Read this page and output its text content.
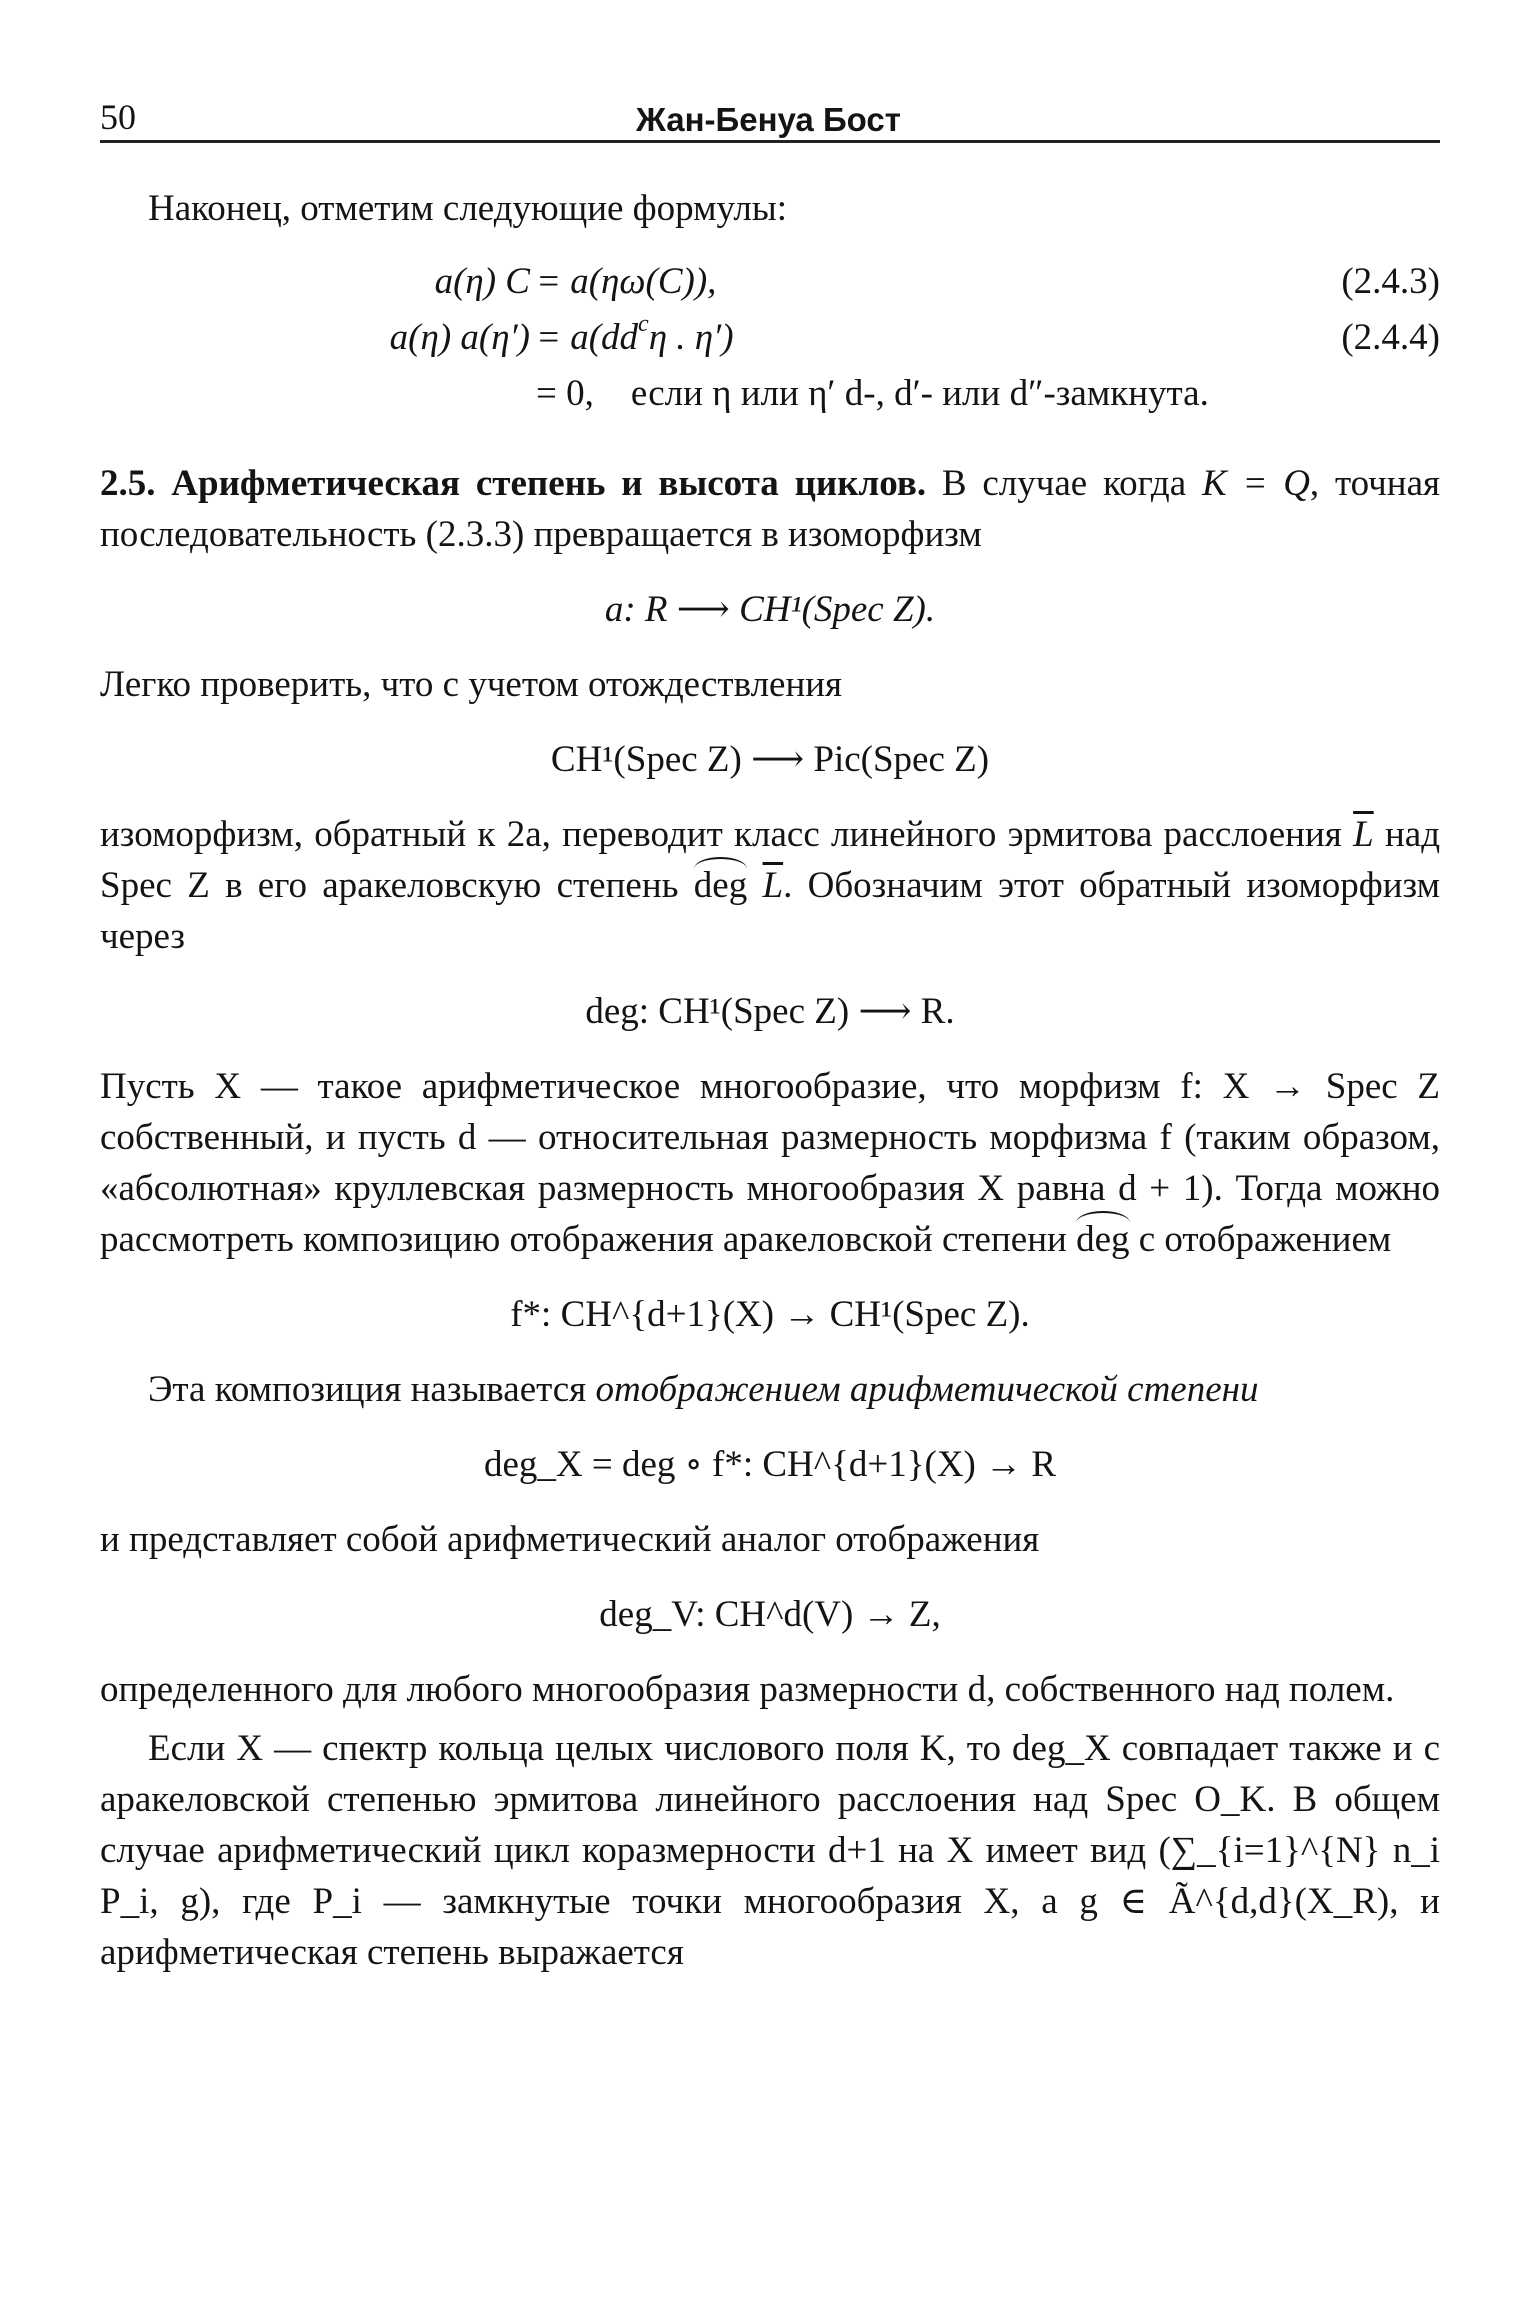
50	Жан-Бенуа Бост

Наконец, отметим следующие формулы:

a(η) C = a(ηω(C)),	(2.4.3)
a(η) $a(\eta') = a(dd^c\eta$ . η′)	(2.4.4)
= 0, если η или η′ d-, d′- или d″-замкнута.

2.5. Арифметическая степень и высота циклов. В случае когда K = Q, точная последовательность (2.3.3) превращается в изоморфизм

a: R ⟶ CH¹(Spec Z).

Легко проверить, что с учетом отождествления

CH¹(Spec Z) ⟶ Pic(Spec Z)

изоморфизм, обратный к 2a, переводит класс линейного эрмитова расслоения $\overline{L}$ над Spec Z в его аракеловскую степень deg $\overline{L}$. Обозначим этот обратный изоморфизм через

deg: CH¹(Spec Z) ⟶ R.

Пусть X — такое арифметическое многообразие, что морфизм f: X → Spec Z собственный, и пусть d — относительная размерность морфизма f (таким образом, «абсолютная» круллевская размерность многообразия X равна d + 1). Тогда можно рассмотреть композицию отображения аракеловской степени deg с отображением

f*: CH^{d+1}(X) → CH¹(Spec Z).

Эта композиция называется отображением арифметической степени

deg_X = deg ∘ f*: CH^{d+1}(X) → R

и представляет собой арифметический аналог отображения

deg_V: CH^d(V) → Z,

определенного для любого многообразия размерности d, собственного над полем.

Если X — спектр кольца целых числового поля K, то deg_X совпадает также и с аракеловской степенью эрмитова линейного расслоения над Spec O_K. В общем случае арифметический цикл коразмерности d+1 на X имеет вид (∑_{i=1}^{N} n_i P_i, g), где P_i — замкнутые точки многообразия X, а g ∈ Ã^{d,d}(X_R), и арифметическая степень выражается
